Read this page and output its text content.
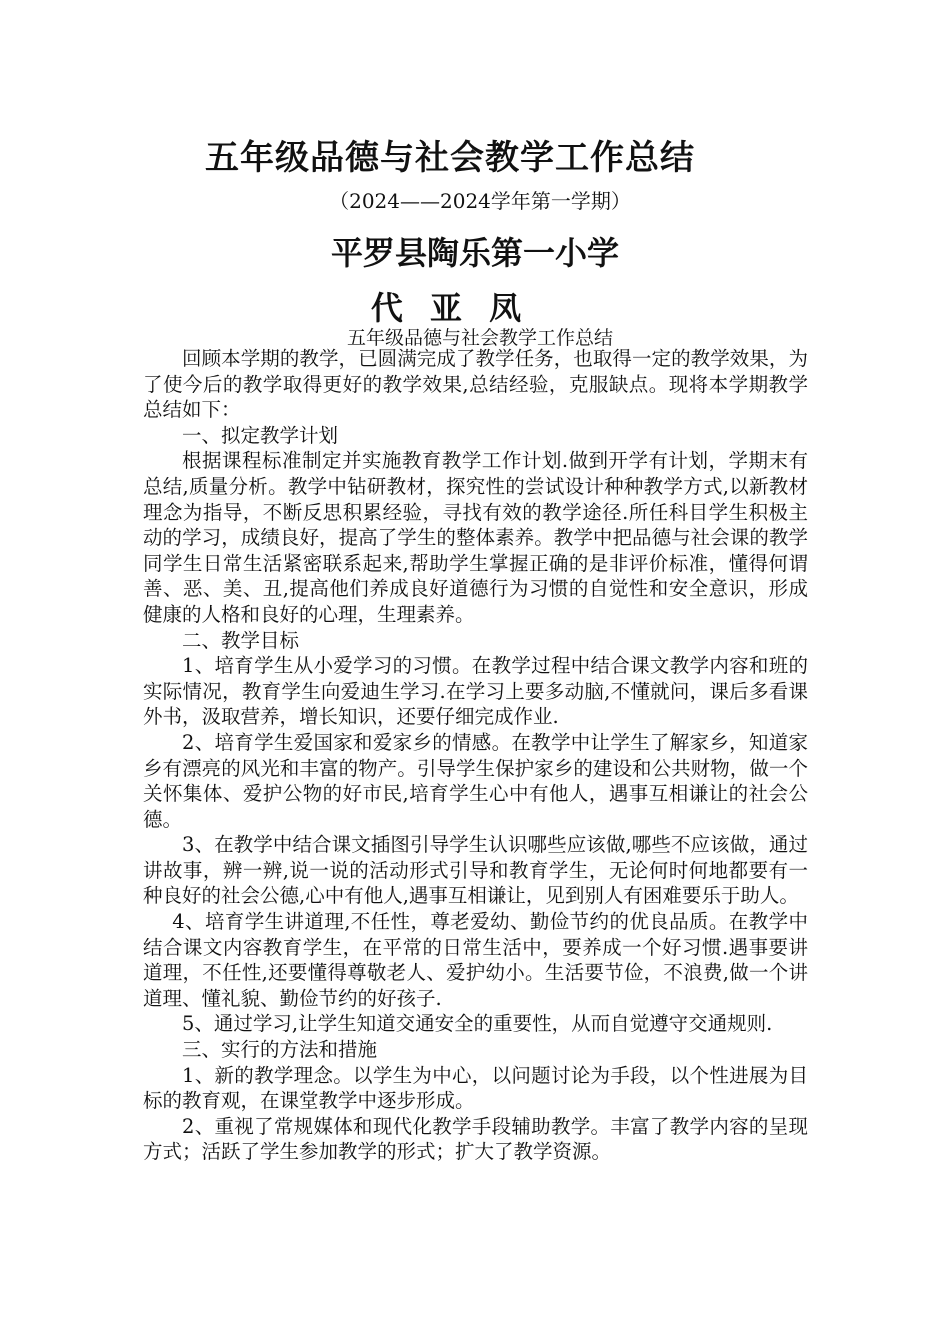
五年级品德与社会教学工作总结
（2024——2024学年第一学期）
平罗县陶乐第一小学
代 亚 凤
五年级品德与社会教学工作总结

回顾本学期的教学，已圆满完成了教学任务，也取得一定的教学效果，为了使今后的教学取得更好的教学效果,总结经验，克服缺点。现将本学期教学总结如下：

一、拟定教学计划

根据课程标准制定并实施教育教学工作计划.做到开学有计划，学期末有总结,质量分析。教学中钻研教材，探究性的尝试设计种种教学方式,以新教材理念为指导，不断反思积累经验，寻找有效的教学途径.所任科目学生积极主动的学习，成绩良好，提高了学生的整体素养。教学中把品德与社会课的教学同学生日常生活紧密联系起来,帮助学生掌握正确的是非评价标准，懂得何谓善、恶、美、丑,提高他们养成良好道德行为习惯的自觉性和安全意识，形成健康的人格和良好的心理，生理素养。

二、教学目标

1、培育学生从小爱学习的习惯。在教学过程中结合课文教学内容和班的实际情况，教育学生向爱迪生学习.在学习上要多动脑,不懂就问，课后多看课外书，汲取营养，增长知识，还要仔细完成作业.

2、培育学生爱国家和爱家乡的情感。在教学中让学生了解家乡，知道家乡有漂亮的风光和丰富的物产。引导学生保护家乡的建设和公共财物，做一个关怀集体、爱护公物的好市民,培育学生心中有他人，遇事互相谦让的社会公德。

3、在教学中结合课文插图引导学生认识哪些应该做,哪些不应该做，通过讲故事，辨一辨,说一说的活动形式引导和教育学生，无论何时何地都要有一种良好的社会公德,心中有他人,遇事互相谦让，见到别人有困难要乐于助人。

4、培育学生讲道理,不任性，尊老爱幼、勤俭节约的优良品质。在教学中结合课文内容教育学生，在平常的日常生活中，要养成一个好习惯.遇事要讲道理，不任性,还要懂得尊敬老人、爱护幼小。生活要节俭，不浪费,做一个讲道理、懂礼貌、勤俭节约的好孩子.

5、通过学习,让学生知道交通安全的重要性，从而自觉遵守交通规则.

三、实行的方法和措施

1、新的教学理念。以学生为中心，以问题讨论为手段，以个性进展为目标的教育观，在课堂教学中逐步形成。

2、重视了常规媒体和现代化教学手段辅助教学。丰富了教学内容的呈现方式；活跃了学生参加教学的形式；扩大了教学资源。
